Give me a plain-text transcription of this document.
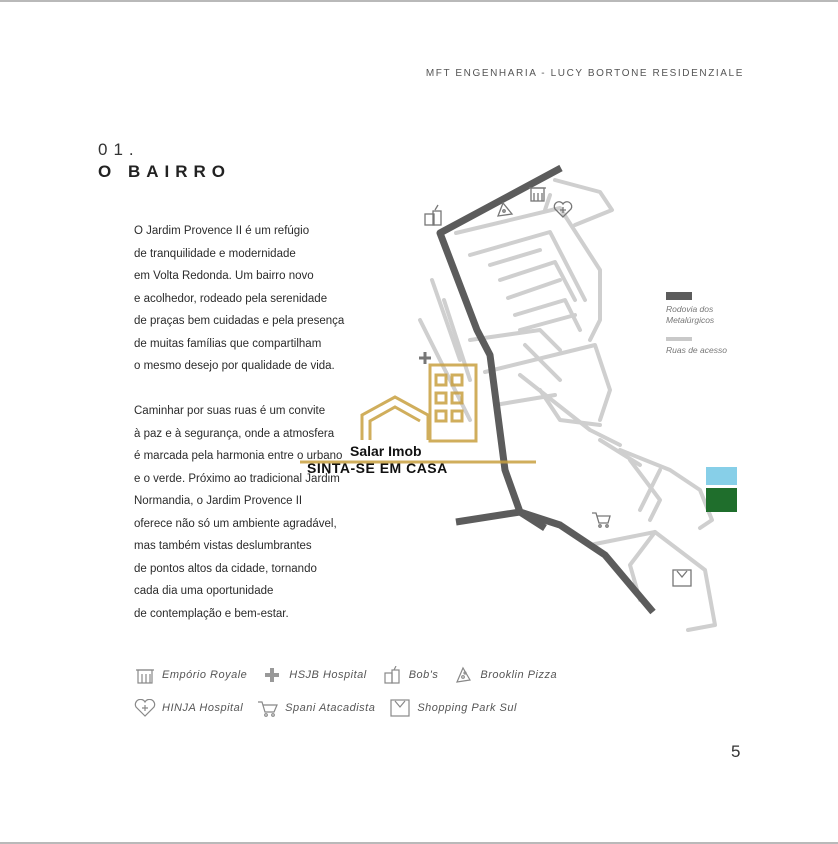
MFT ENGENHARIA - LUCY BORTONE RESIDENZIALE
01.
O BAIRRO
O Jardim Provence II é um refúgio
de tranquilidade e modernidade
em Volta Redonda. Um bairro novo
e acolhedor, rodeado pela serenidade
de praças bem cuidadas e pela presença
de muitas famílias que compartilham
o mesmo desejo por qualidade de vida.
Caminhar por suas ruas é um convite
à paz e à segurança, onde a atmosfera
é marcada pela harmonia entre o urbano
e o verde. Próximo ao tradicional Jardim
Normandia, o Jardim Provence II
oferece não só um ambiente agradável,
mas também vistas deslumbrantes
de pontos altos da cidade, tornando
cada dia uma oportunidade
de contemplação e bem-estar.
Rodovia dos Metalúrgicos
Ruas de acesso
Salar Imob
SINTA-SE EM CASA
Empório Royale	HSJB Hospital	Bob's	Brooklin Pizza
HINJA Hospital	Spani Atacadista	Shopping Park Sul
5
